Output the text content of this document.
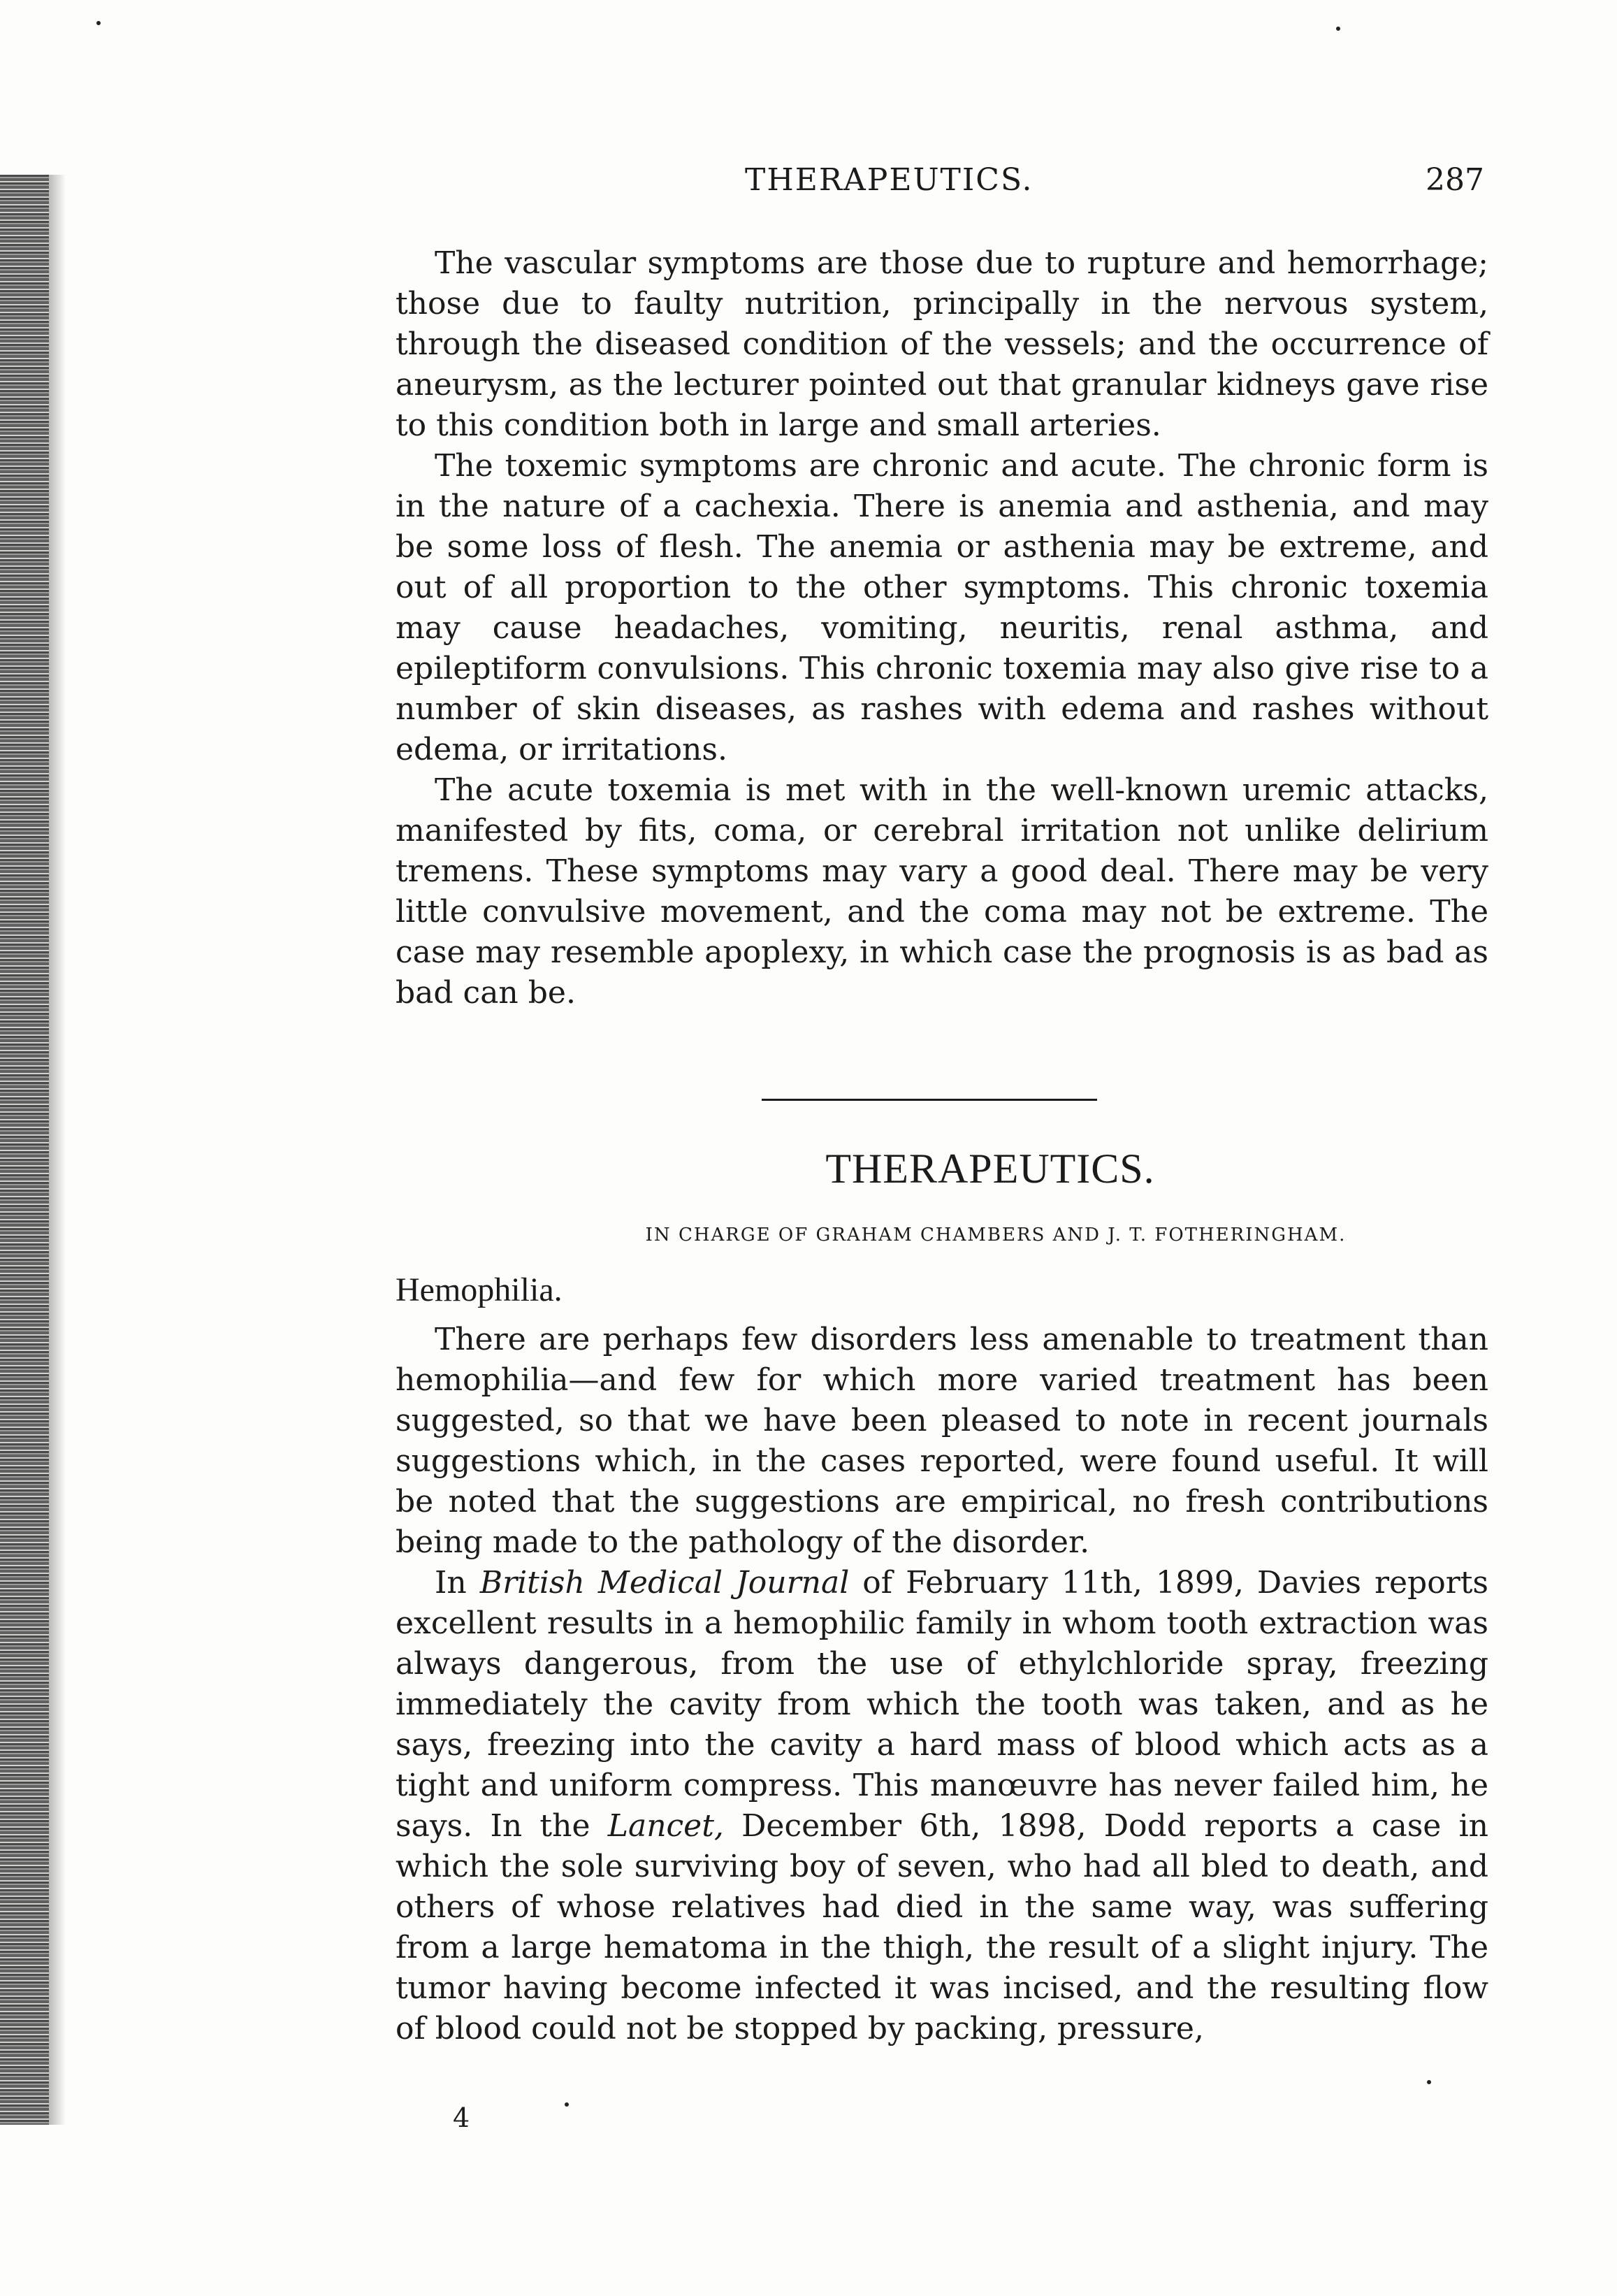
THERAPEUTICS.	287

The vascular symptoms are those due to rupture and hemorrhage; those due to faulty nutrition, principally in the nervous system, through the diseased condition of the vessels; and the occurrence of aneurysm, as the lecturer pointed out that granular kidneys gave rise to this condition both in large and small arteries.

The toxemic symptoms are chronic and acute. The chronic form is in the nature of a cachexia. There is anemia and asthenia, and may be some loss of flesh. The anemia or asthenia may be extreme, and out of all proportion to the other symptoms. This chronic toxemia may cause headaches, vomiting, neuritis, renal asthma, and epileptiform convulsions. This chronic toxemia may also give rise to a number of skin diseases, as rashes with edema and rashes without edema, or irritations.

The acute toxemia is met with in the well-known uremic attacks, manifested by fits, coma, or cerebral irritation not unlike delirium tremens. These symptoms may vary a good deal. There may be very little convulsive movement, and the coma may not be extreme. The case may resemble apoplexy, in which case the prognosis is as bad as bad can be.

THERAPEUTICS.
IN CHARGE OF GRAHAM CHAMBERS AND J. T. FOTHERINGHAM.
Hemophilia.

There are perhaps few disorders less amenable to treatment than hemophilia—and few for which more varied treatment has been suggested, so that we have been pleased to note in recent journals suggestions which, in the cases reported, were found useful. It will be noted that the suggestions are empirical, no fresh contributions being made to the pathology of the disorder.

In British Medical Journal of February 11th, 1899, Davies reports excellent results in a hemophilic family in whom tooth extraction was always dangerous, from the use of ethylchloride spray, freezing immediately the cavity from which the tooth was taken, and as he says, freezing into the cavity a hard mass of blood which acts as a tight and uniform compress. This manœuvre has never failed him, he says. In the Lancet, December 6th, 1898, Dodd reports a case in which the sole surviving boy of seven, who had all bled to death, and others of whose relatives had died in the same way, was suffering from a large hematoma in the thigh, the result of a slight injury. The tumor having become infected it was incised, and the resulting flow of blood could not be stopped by packing, pressure,

4
